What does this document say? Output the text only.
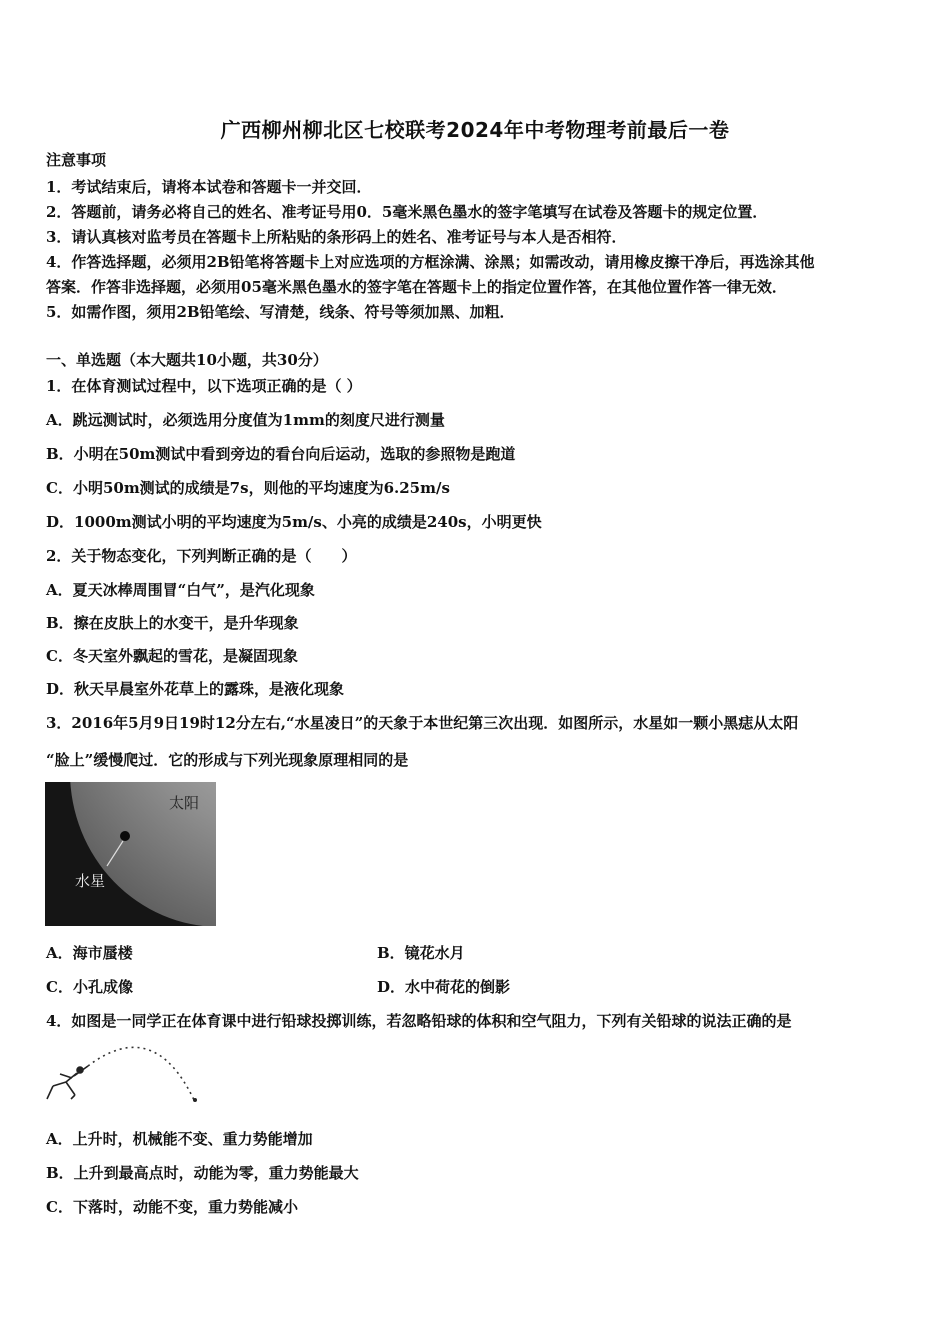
广西柳州柳北区七校联考2024年中考物理考前最后一卷
注意事项
1．考试结束后，请将本试卷和答题卡一并交回．
2．答题前，请务必将自己的姓名、准考证号用0．5毫米黑色墨水的签字笔填写在试卷及答题卡的规定位置．
3．请认真核对监考员在答题卡上所粘贴的条形码上的姓名、准考证号与本人是否相符．
4．作答选择题，必须用2B铅笔将答题卡上对应选项的方框涂满、涂黑；如需改动，请用橡皮擦干净后，再选涂其他
答案．作答非选择题，必须用05毫米黑色墨水的签字笔在答题卡上的指定位置作答，在其他位置作答一律无效．
5．如需作图，须用2B铅笔绘、写清楚，线条、符号等须加黑、加粗．
一、单选题（本大题共10小题，共30分）
1．在体育测试过程中，以下选项正确的是（ ）
A．跳远测试时，必须选用分度值为1mm的刻度尺进行测量
B．小明在50m测试中看到旁边的看台向后运动，选取的参照物是跑道
C．小明50m测试的成绩是7s，则他的平均速度为6.25m/s
D．1000m测试小明的平均速度为5m/s、小亮的成绩是240s，小明更快
2．关于物态变化，下列判断正确的是（　　）
A．夏天冰棒周围冒“白气”，是汽化现象
B．擦在皮肤上的水变干，是升华现象
C．冬天室外飘起的雪花，是凝固现象
D．秋天早晨室外花草上的露珠，是液化现象
3．2016年5月9日19时12分左右,“水星凌日”的天象于本世纪第三次出现．如图所示，水星如一颗小黑痣从太阳
“脸上”缓慢爬过．它的形成与下列光现象原理相同的是
太阳
水星
A．海市蜃楼	B．镜花水月
C．小孔成像	D．水中荷花的倒影
4．如图是一同学正在体育课中进行铅球投掷训练，若忽略铅球的体积和空气阻力，下列有关铅球的说法正确的是
A．上升时，机械能不变、重力势能增加
B．上升到最高点时，动能为零，重力势能最大
C．下落时，动能不变，重力势能减小
